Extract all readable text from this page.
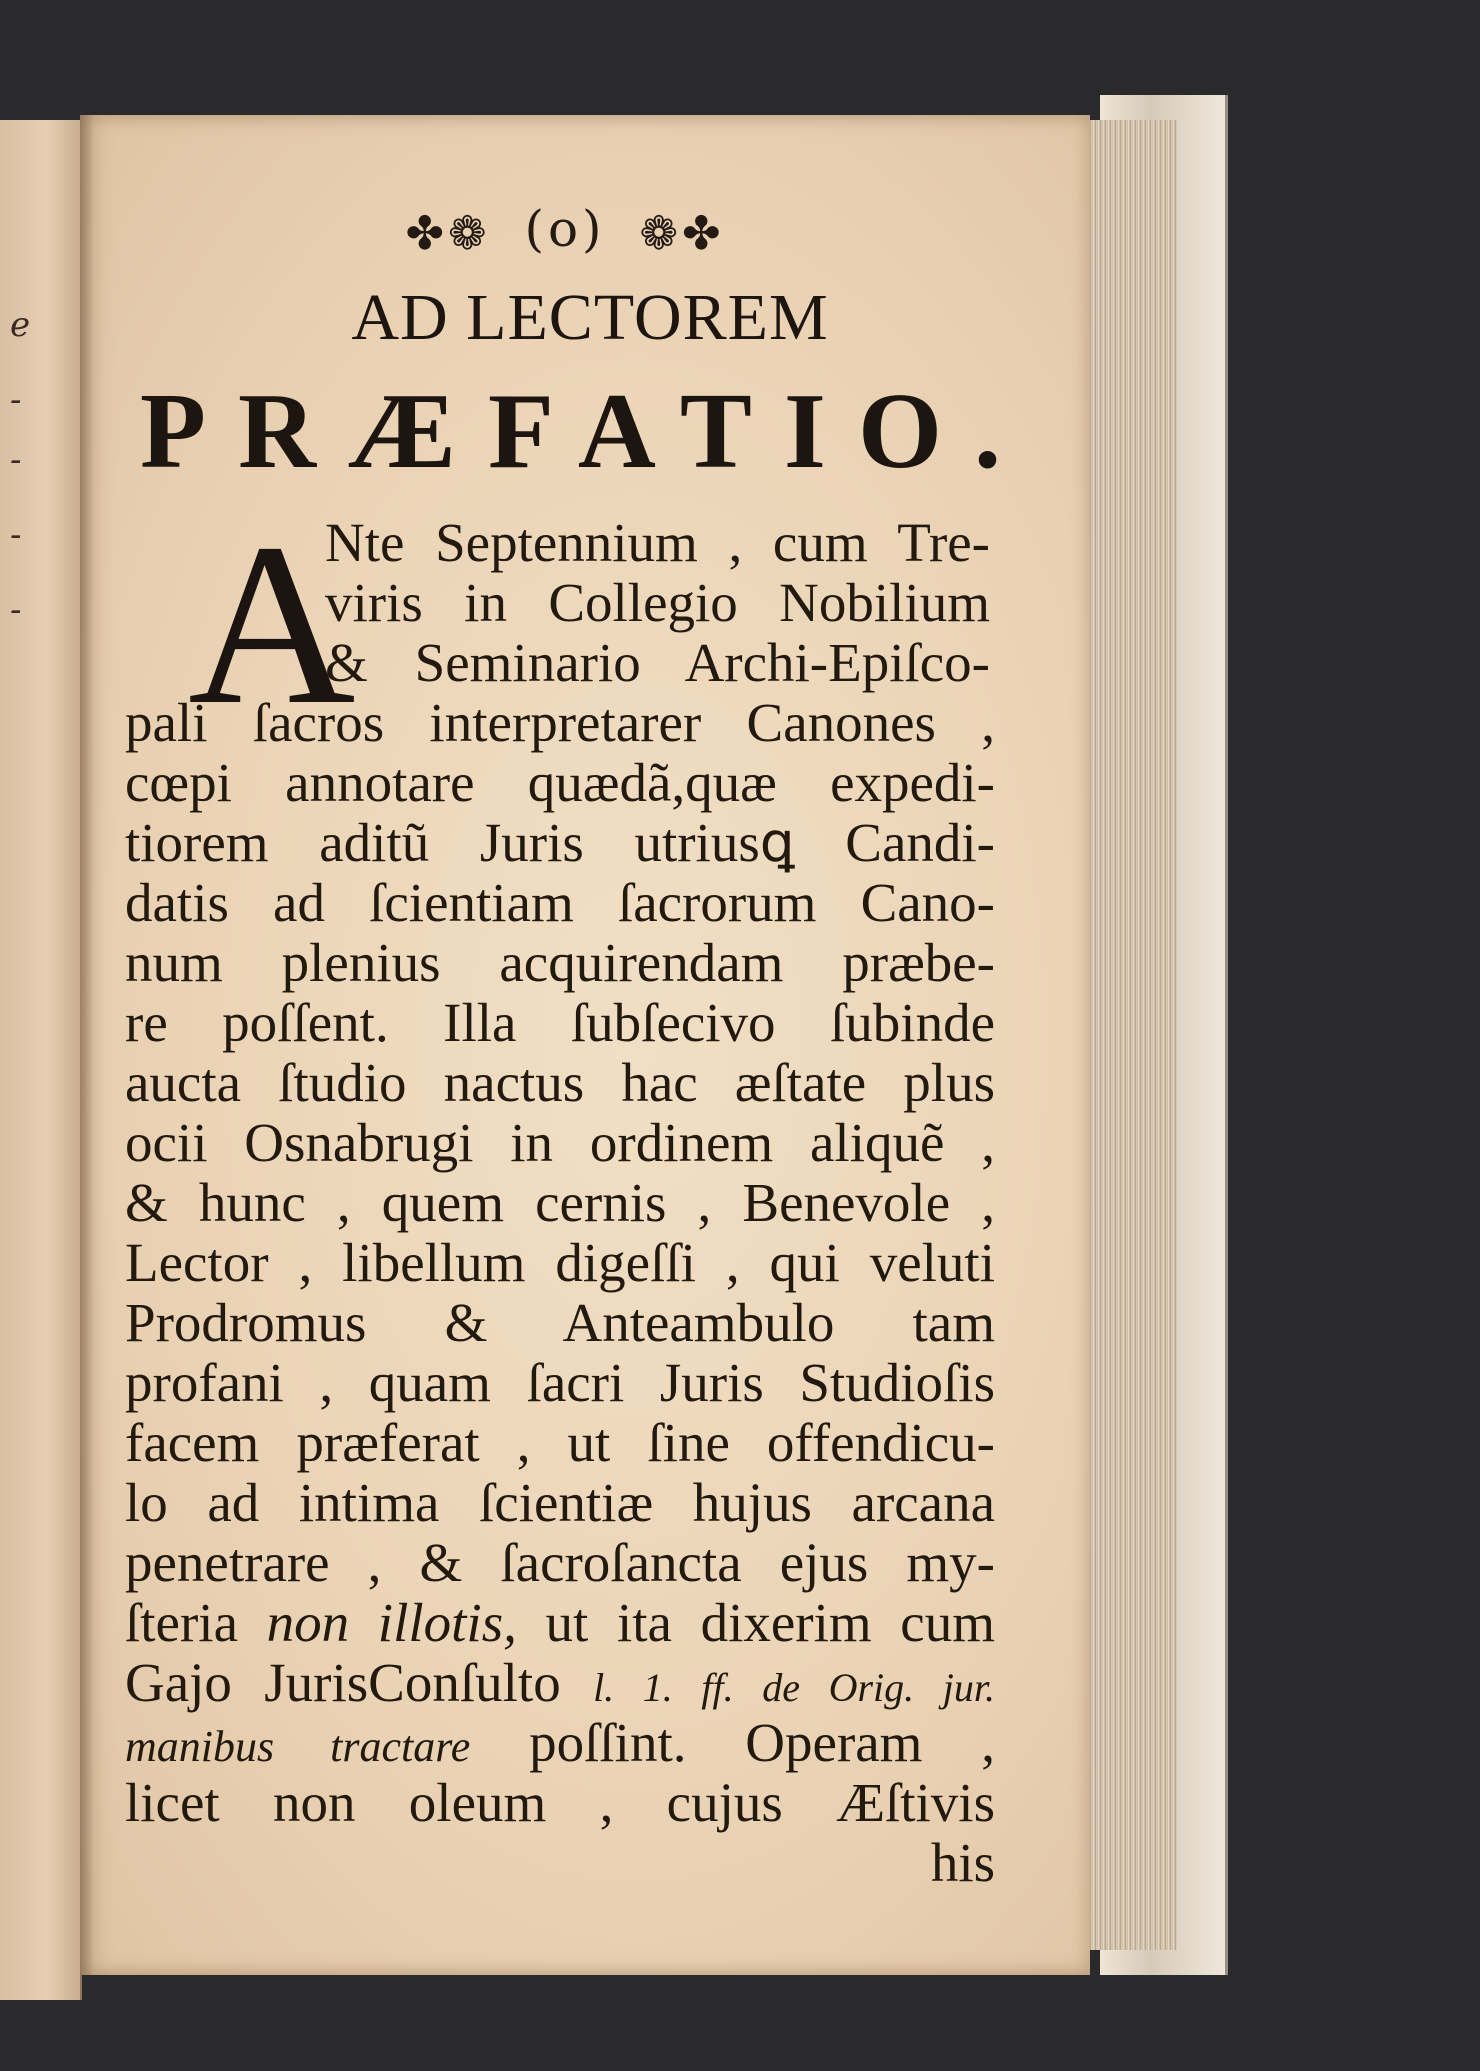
e
-
-
-
-
✤❁ (o) ❁✤
AD LECTOREM
PRÆFATIO.
A
Nte Septennium , cum Tre-
viris in Collegio Nobilium
& Seminario Archi-Epiſco-
pali ſacros interpretarer Canones ,
cœpi annotare quædã,quæ expedi-
tiorem aditũ Juris utriusꝗ Candi-
datis ad ſcientiam ſacrorum Cano-
num plenius acquirendam præbe-
re poſſent. Illa ſubſecivo ſubinde
aucta ſtudio nactus hac æſtate plus
ocii Osnabrugi in ordinem aliquẽ ,
& hunc , quem cernis , Benevole ,
Lector , libellum digeſſi , qui veluti
Prodromus & Anteambulo tam
profani , quam ſacri Juris Studioſis
facem præferat , ut ſine offendicu-
lo ad intima ſcientiæ hujus arcana
penetrare , & ſacroſancta ejus my-
ſteria non illotis, ut ita dixerim cum
Gajo JurisConſulto l. 1. ff. de Orig. jur.
manibus tractare poſſint. Operam ,
licet non oleum , cujus Æſtivis
his
